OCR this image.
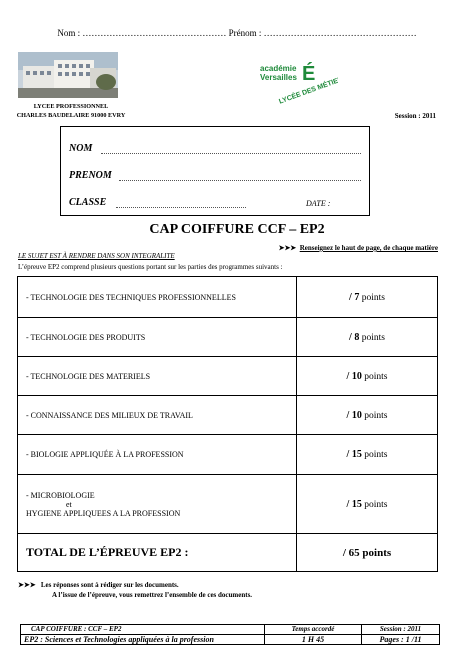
Nom : ………………………………………… Prénom : ……………………………………………
académie
Versailles É
LYCÉE DES MÉTIERS
LYCEE PROFESSIONNEL
CHARLES BAUDELAIRE 91000 EVRY	Session : 2011
NOM
PRENOM
CLASSE	DATE :
CAP COIFFURE CCF – EP2
➤➤➤ Renseignez le haut de page, de chaque matière
LE SUJET EST À RENDRE DANS SON INTEGRALITE
L’épreuve EP2 comprend plusieurs questions portant sur les parties des programmes suivants :
- TECHNOLOGIE DES TECHNIQUES PROFESSIONNELLES	/ 7 points
- TECHNOLOGIE DES PRODUITS	/ 8 points
- TECHNOLOGIE DES MATERIELS	/ 10 points
- CONNAISSANCE DES MILIEUX DE TRAVAIL	/ 10 points
- BIOLOGIE APPLIQUÉE À LA PROFESSION	/ 15 points

- MICROBIOLOGIE
et
HYGIENE APPLIQUEES A LA PROFESSION	/ 15 points
TOTAL DE L’ÉPREUVE EP2 :	/ 65 points
➤➤➤ Les réponses sont à rédiger sur les documents.
A l’issue de l’épreuve, vous remettrez l’ensemble de ces documents.
CAP COIFFURE : CCF – EP2	Temps accordé	Session : 2011
EP2 : Sciences et Technologies appliquées à la profession	1 H 45	Pages : 1 /11
